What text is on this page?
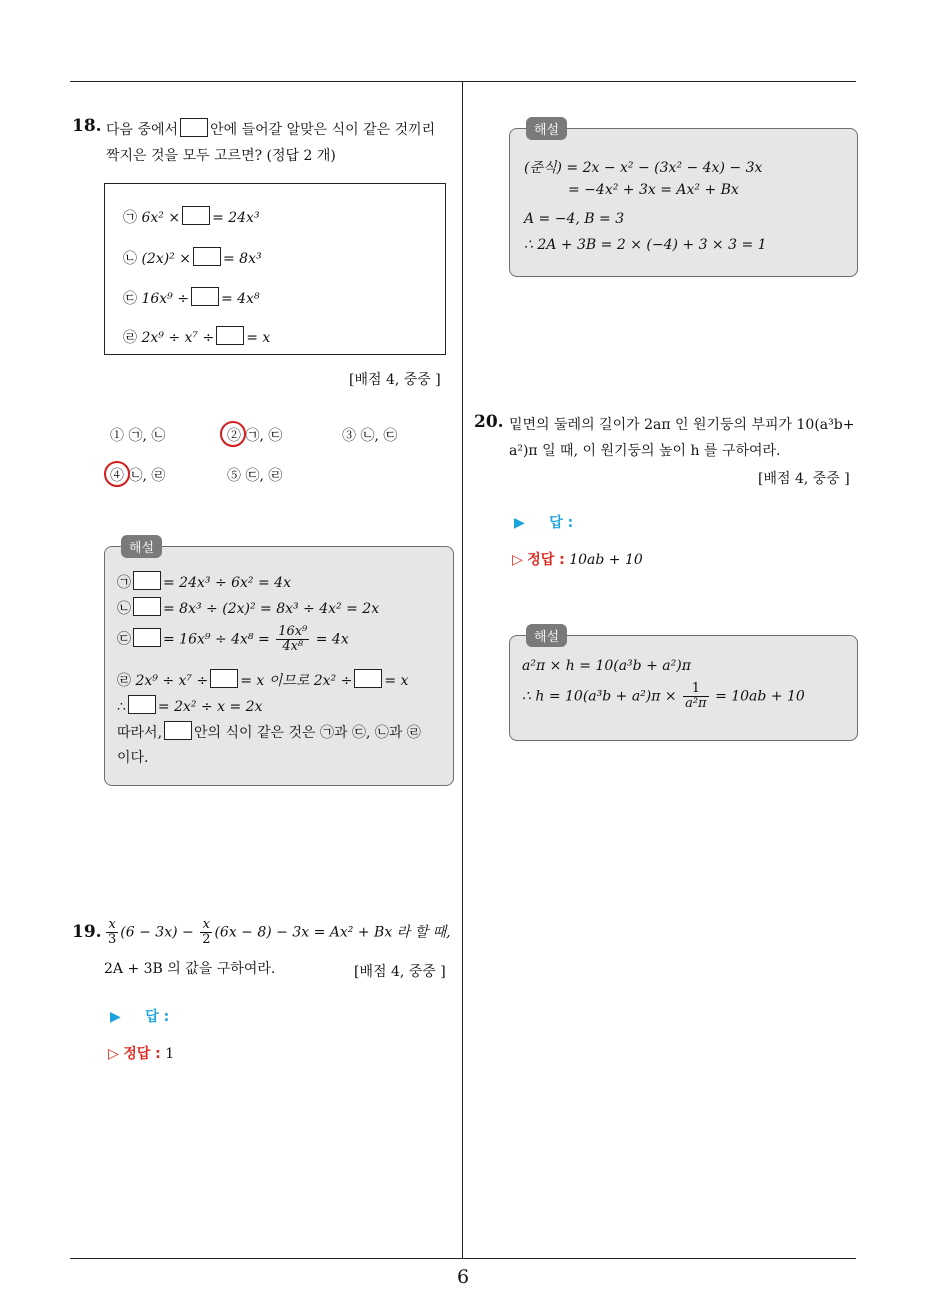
6
18. 다음 중에서 안에 들어갈 알맞은 식이 같은 것끼리
짝지은 것을 모두 고르면? (정답 2 개)
㉠ 6x² × = 24x³
㉡ (2x)² × = 8x³
㉢ 16x⁹ ÷ = 4x⁸
㉣ 2x⁹ ÷ x⁷ ÷ = x
[배점 4, 중중 ]
① ㉠, ㉡	② ㉠, ㉢	③ ㉡, ㉢
④ ㉡, ㉣	⑤ ㉢, ㉣
해설
㉠ = 24x³ ÷ 6x² = 4x
㉡ = 8x³ ÷ (2x)² = 8x³ ÷ 4x² = 2x
㉢ = $16x^9 \div 4x^8 = \frac{\text{16x⁹}}{\text{4x⁸}} = 4x$
㉣ 2x⁹ ÷ x⁷ ÷ = x 이므로 2x² ÷ = x
∴ = 2x² ÷ x = 2x
따라서, 안의 식이 같은 것은 ㉠과 ㉢, ㉡과 ㉣
이다.
19. $\frac{x}{3} (6 - 3x) - \frac{x}{2} (6x - 8) - 3x = Ax^2 + Bx$ 라 할 때,
2A + 3B 의 값을 구하여라.	[배점 4, 중중 ]
▶ 답 :
▷ 정답 : 1
해설
(준식) = 2x − x² − (3x² − 4x) − 3x
= −4x² + 3x = Ax² + Bx
A = −4, B = 3
∴ 2A + 3B = 2 × (−4) + 3 × 3 = 1
20. 밑면의 둘레의 길이가 2aπ 인 원기둥의 부피가 10(a³b+
a²)π 일 때, 이 원기둥의 높이 h 를 구하여라.
[배점 4, 중중 ]
▶ 답 :
▷ 정답 : 10ab + 10
해설
a²π × h = 10(a³b + a²)π
∴ $h = 10(a^3b + a^2)\pi \times \frac{1}{\text{a²π}} = 10ab + 10$
